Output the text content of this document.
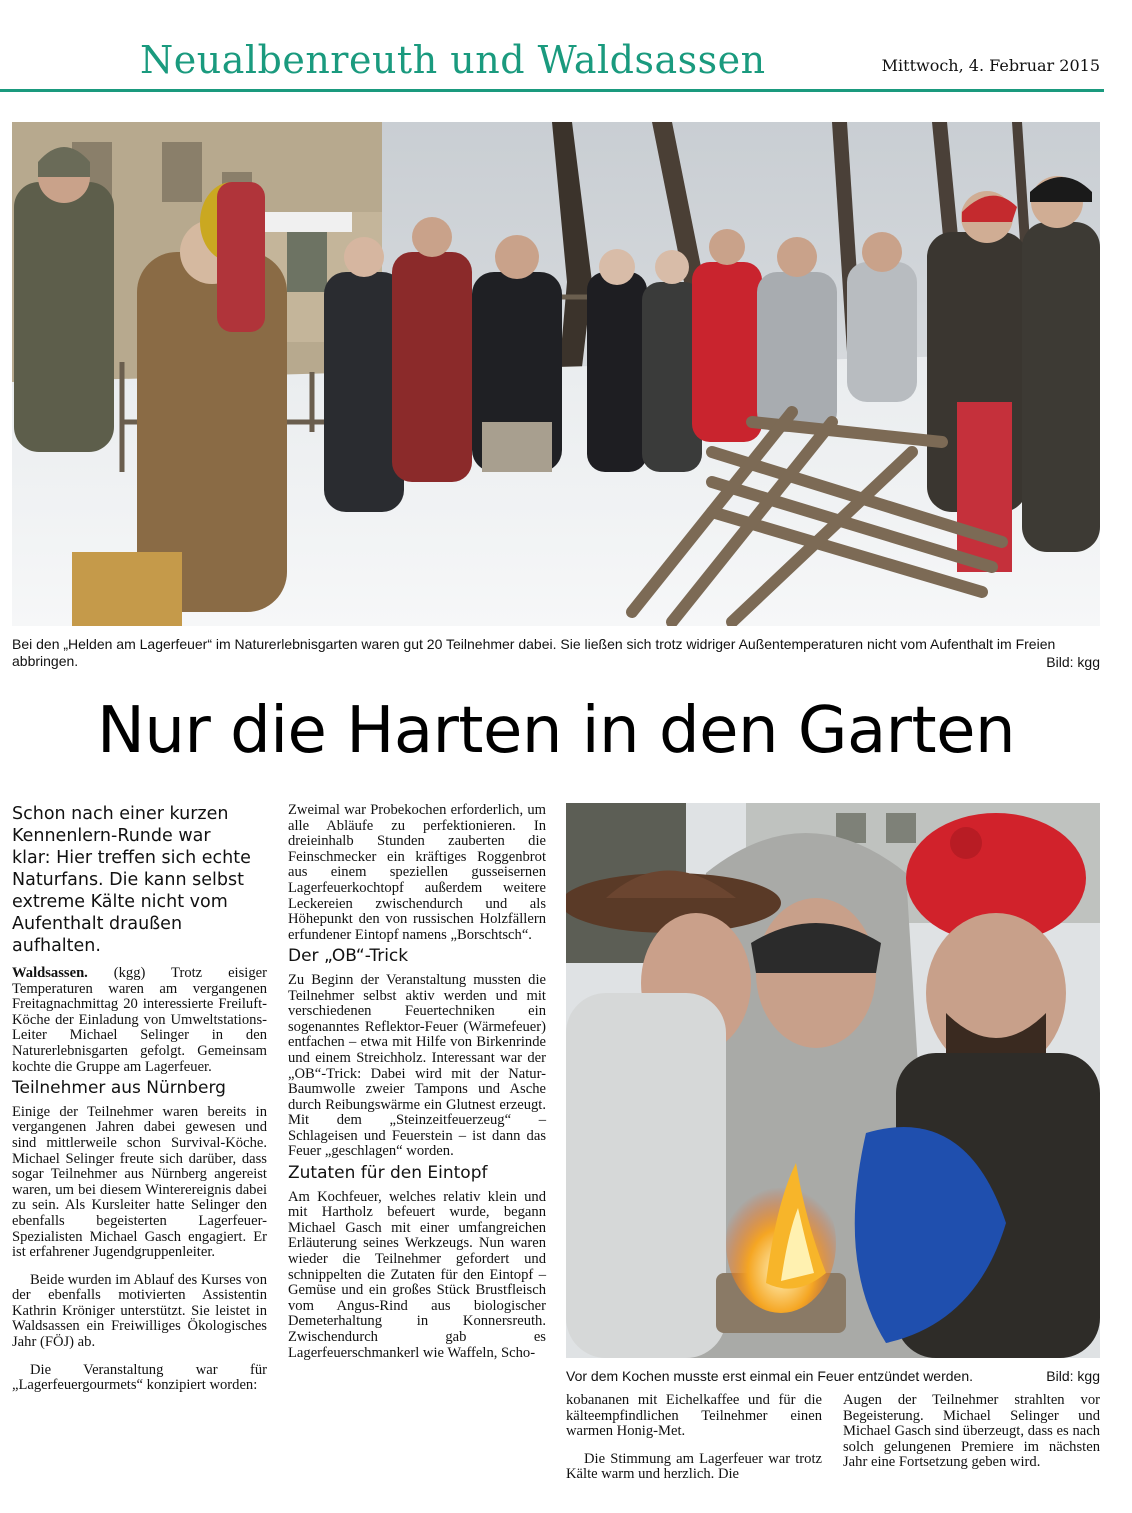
Neualbenreuth und Waldsassen	Mittwoch, 4. Februar 2015
Bei den „Helden am Lagerfeuer“ im Naturerlebnisgarten waren gut 20 Teilnehmer dabei. Sie ließen sich trotz widriger Außentemperaturen nicht vom Aufenthalt im Freien abbringen.	Bild: kgg
Nur die Harten in den Garten
Schon nach einer kurzen Kennenlern-Runde war klar: Hier treffen sich echte Naturfans. Die kann selbst extreme Kälte nicht vom Aufenthalt draußen aufhalten.

Waldsassen. (kgg) Trotz eisiger Temperaturen waren am vergangenen Freitagnachmittag 20 interessierte Freiluft-Köche der Einladung von Umweltstations-Leiter Michael Selinger in den Naturerlebnisgarten gefolgt. Gemeinsam kochte die Gruppe am Lagerfeuer.

Teilnehmer aus Nürnberg

Einige der Teilnehmer waren bereits in vergangenen Jahren dabei gewesen und sind mittlerweile schon Survival-Köche. Michael Selinger freute sich darüber, dass sogar Teilnehmer aus Nürnberg angereist waren, um bei diesem Winterereignis dabei zu sein. Als Kursleiter hatte Selinger den ebenfalls begeisterten Lagerfeuer-Spezialisten Michael Gasch engagiert. Er ist erfahrener Jugendgruppenleiter.

Beide wurden im Ablauf des Kurses von der ebenfalls motivierten Assistentin Kathrin Kröniger unterstützt. Sie leistet in Waldsassen ein Freiwilliges Ökologisches Jahr (FÖJ) ab.

Die Veranstaltung war für „Lagerfeuergourmets“ konzipiert worden:

Zweimal war Probekochen erforderlich, um alle Abläufe zu perfektionieren. In dreieinhalb Stunden zauberten die Feinschmecker ein kräftiges Roggenbrot aus einem speziellen gusseisernen Lagerfeuerkochtopf außerdem weitere Leckereien zwischendurch und als Höhepunkt den von russischen Holzfällern erfundener Eintopf namens „Borschtsch“.

Der „OB“-Trick

Zu Beginn der Veranstaltung mussten die Teilnehmer selbst aktiv werden und mit verschiedenen Feuertechniken ein sogenanntes Reflektor-Feuer (Wärmefeuer) entfachen – etwa mit Hilfe von Birkenrinde und einem Streichholz. Interessant war der „OB“-Trick: Dabei wird mit der Natur-Baumwolle zweier Tampons und Asche durch Reibungswärme ein Glutnest erzeugt. Mit dem „Steinzeitfeuerzeug“ – Schlageisen und Feuerstein – ist dann das Feuer „geschlagen“ worden.

Zutaten für den Eintopf

Am Kochfeuer, welches relativ klein und mit Hartholz befeuert wurde, begann Michael Gasch mit einer umfangreichen Erläuterung seines Werkzeugs. Nun waren wieder die Teilnehmer gefordert und schnippelten die Zutaten für den Eintopf – Gemüse und ein großes Stück Brustfleisch vom Angus-Rind aus biologischer Demeterhaltung in Konnersreuth. Zwischendurch gab es Lagerfeuerschmankerl wie Waffeln, Scho-

Vor dem Kochen musste erst einmal ein Feuer entzündet werden.	Bild: kgg

kobananen mit Eichelkaffee und für die kälteempfindlichen Teilnehmer einen warmen Honig-Met.

Die Stimmung am Lagerfeuer war trotz Kälte warm und herzlich. Die

Augen der Teilnehmer strahlten vor Begeisterung. Michael Selinger und Michael Gasch sind überzeugt, dass es nach solch gelungenen Premiere im nächsten Jahr eine Fortsetzung geben wird.
